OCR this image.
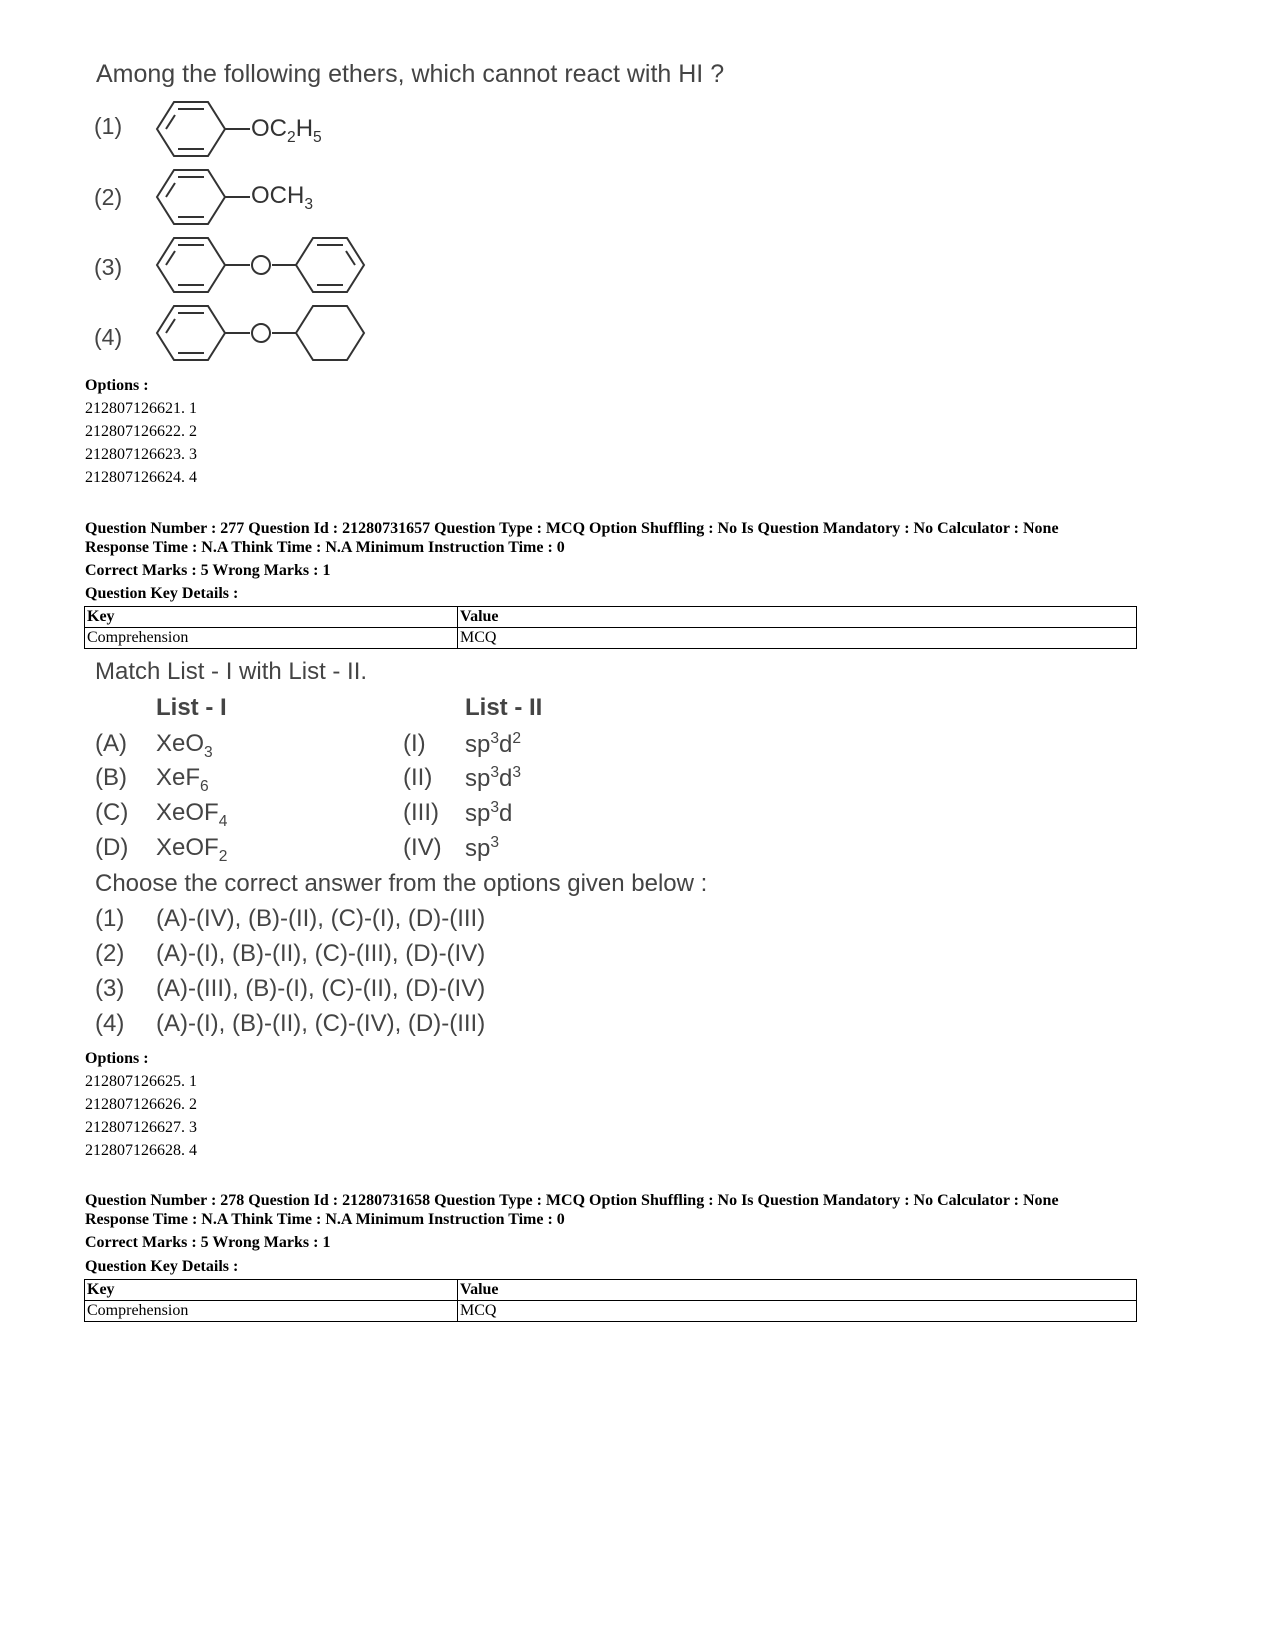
Among the following ethers, which cannot react with HI ?
(1)	$OC_2H_5$
(2)	$OCH_3$
(3)
(4)
Options :
212807126621. 1
212807126622. 2
212807126623. 3
212807126624. 4
Question Number : 277 Question Id : 21280731657 Question Type : MCQ Option Shuffling : No Is Question Mandatory : No Calculator : None
Response Time : N.A Think Time : N.A Minimum Instruction Time : 0
Correct Marks : 5 Wrong Marks : 1
Question Key Details :
Key	Value
Comprehension	MCQ
Match List - I with List - II.
List - I	List - II
(A) XeO$_3$	(I) $sp^3d^2$
(B) XeF$_6$	(II) $sp^3d^3$
(C) XeOF$_4$	(III) $sp^3d$
(D) XeOF$_2$	(IV) $sp^3$
Choose the correct answer from the options given below :
(1) (A)-(IV), (B)-(II), (C)-(I), (D)-(III)
(2) (A)-(I), (B)-(II), (C)-(III), (D)-(IV)
(3) (A)-(III), (B)-(I), (C)-(II), (D)-(IV)
(4) (A)-(I), (B)-(II), (C)-(IV), (D)-(III)
Options :
212807126625. 1
212807126626. 2
212807126627. 3
212807126628. 4
Question Number : 278 Question Id : 21280731658 Question Type : MCQ Option Shuffling : No Is Question Mandatory : No Calculator : None
Response Time : N.A Think Time : N.A Minimum Instruction Time : 0
Correct Marks : 5 Wrong Marks : 1
Question Key Details :
Key	Value
Comprehension	MCQ
